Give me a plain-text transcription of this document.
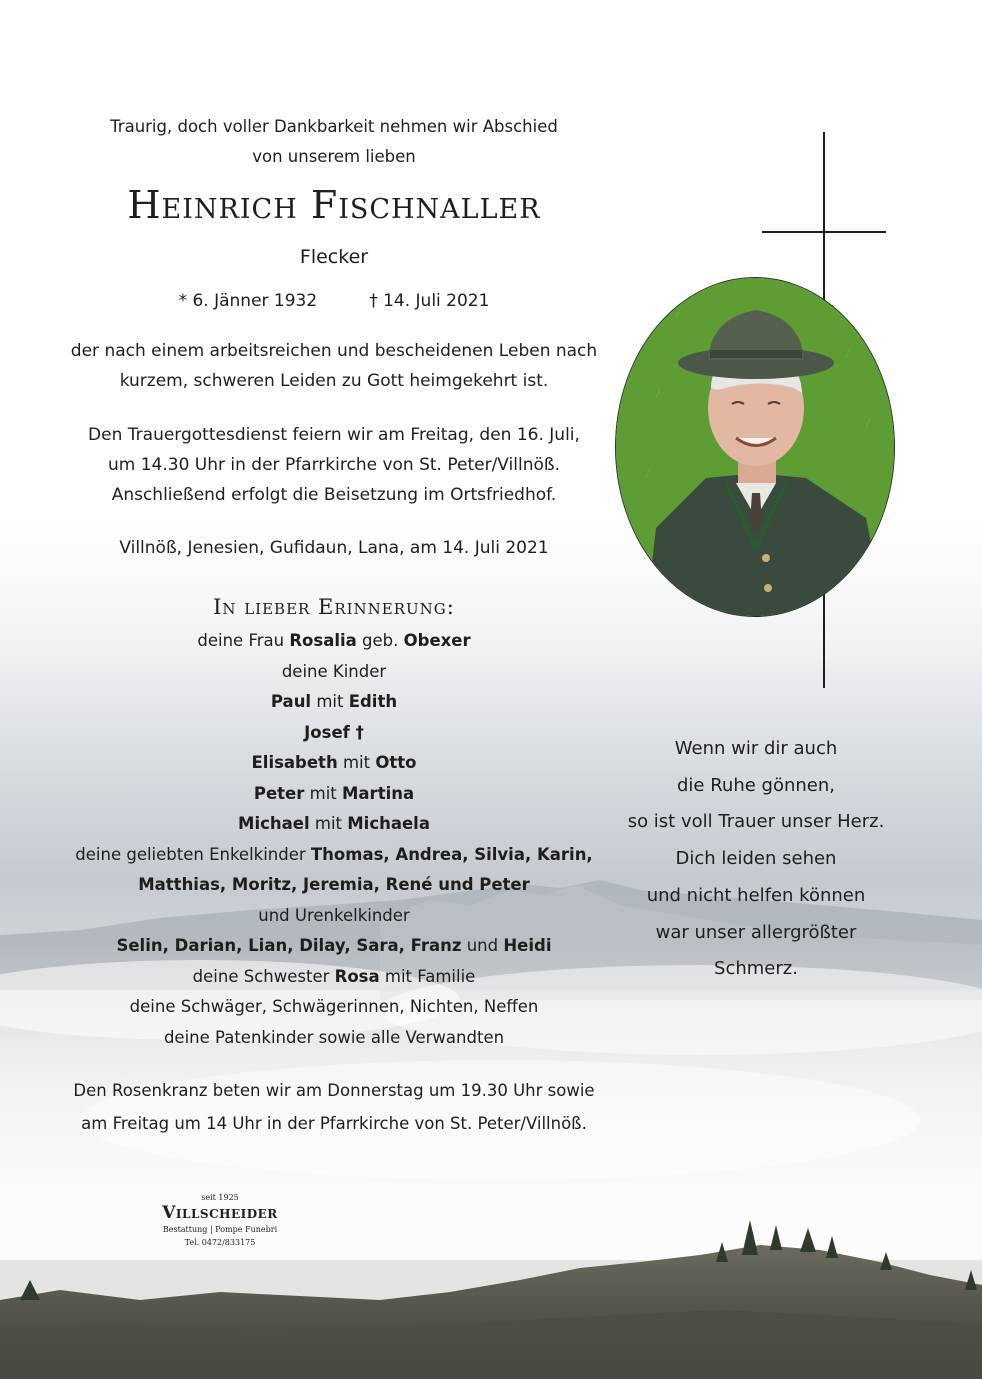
Traurig, doch voller Dankbarkeit nehmen wir Abschied

von unserem lieben

Heinrich Fischnaller
Flecker
* 6. Jänner 1932	† 14. Juli 2021

der nach einem arbeitsreichen und bescheidenen Leben nach

kurzem, schweren Leiden zu Gott heimgekehrt ist.

Den Trauergottesdienst feiern wir am Freitag, den 16. Juli,

um 14.30 Uhr in der Pfarrkirche von St. Peter/Villnöß.

Anschließend erfolgt die Beisetzung im Ortsfriedhof.

Villnöß, Jenesien, Gufidaun, Lana, am 14. Juli 2021

In lieber Erinnerung:

deine Frau Rosalia geb. Obexer

deine Kinder

Paul mit Edith

Josef †

Elisabeth mit Otto

Peter mit Martina

Michael mit Michaela

deine geliebten Enkelkinder Thomas, Andrea, Silvia, Karin,

Matthias, Moritz, Jeremia, René und Peter

und Urenkelkinder

Selin, Darian, Lian, Dilay, Sara, Franz und Heidi

deine Schwester Rosa mit Familie

deine Schwäger, Schwägerinnen, Nichten, Neffen

deine Patenkinder sowie alle Verwandten

Den Rosenkranz beten wir am Donnerstag um 19.30 Uhr sowie

am Freitag um 14 Uhr in der Pfarrkirche von St. Peter/Villnöß.

Wenn wir dir auch

die Ruhe gönnen,

so ist voll Trauer unser Herz.

Dich leiden sehen

und nicht helfen können

war unser allergrößter

Schmerz.

seit 1925
Villscheider
Bestattung | Pompe Funebri
Tel. 0472/833175
